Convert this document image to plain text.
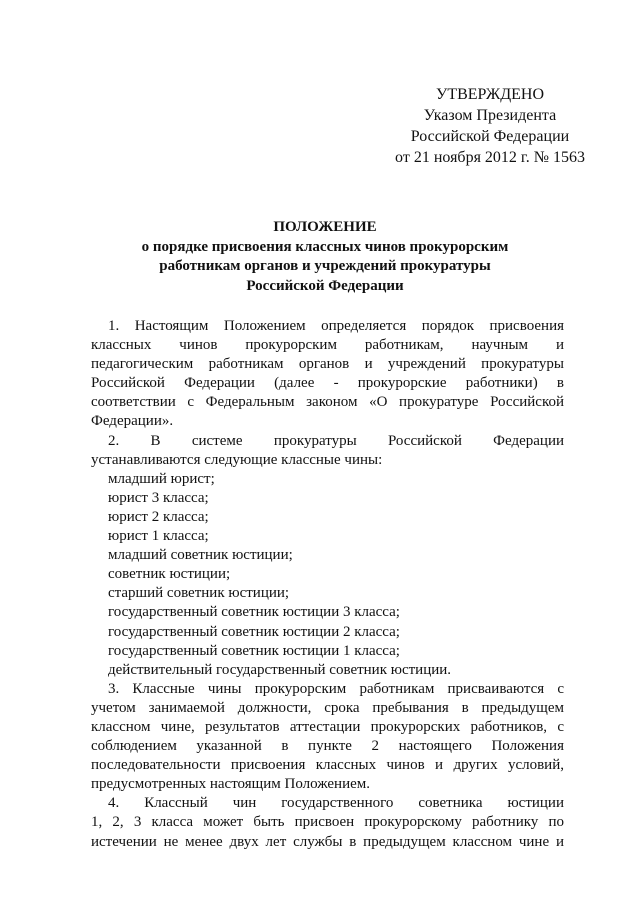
УТВЕРЖДЕНО
Указом Президента
Российской Федерации
от 21 ноября 2012 г. № 1563
ПОЛОЖЕНИЕ
о порядке присвоения классных чинов прокурорским
работникам органов и учреждений прокуратуры
Российской Федерации
1. Настоящим Положением определяется порядок присвоения
классных чинов прокурорским работникам, научным и
педагогическим работникам органов и учреждений прокуратуры
Российской Федерации (далее - прокурорские работники) в
соответствии с Федеральным законом «О прокуратуре Российской
Федерации».
2. В системе прокуратуры Российской Федерации
устанавливаются следующие классные чины:
младший юрист;
юрист 3 класса;
юрист 2 класса;
юрист 1 класса;
младший советник юстиции;
советник юстиции;
старший советник юстиции;
государственный советник юстиции 3 класса;
государственный советник юстиции 2 класса;
государственный советник юстиции 1 класса;
действительный государственный советник юстиции.
3. Классные чины прокурорским работникам присваиваются с
учетом занимаемой должности, срока пребывания в предыдущем
классном чине, результатов аттестации прокурорских работников, с
соблюдением указанной в пункте 2 настоящего Положения
последовательности присвоения классных чинов и других условий,
предусмотренных настоящим Положением.
4. Классный чин государственного советника юстиции
1, 2, 3 класса может быть присвоен прокурорскому работнику по
истечении не менее двух лет службы в предыдущем классном чине и
